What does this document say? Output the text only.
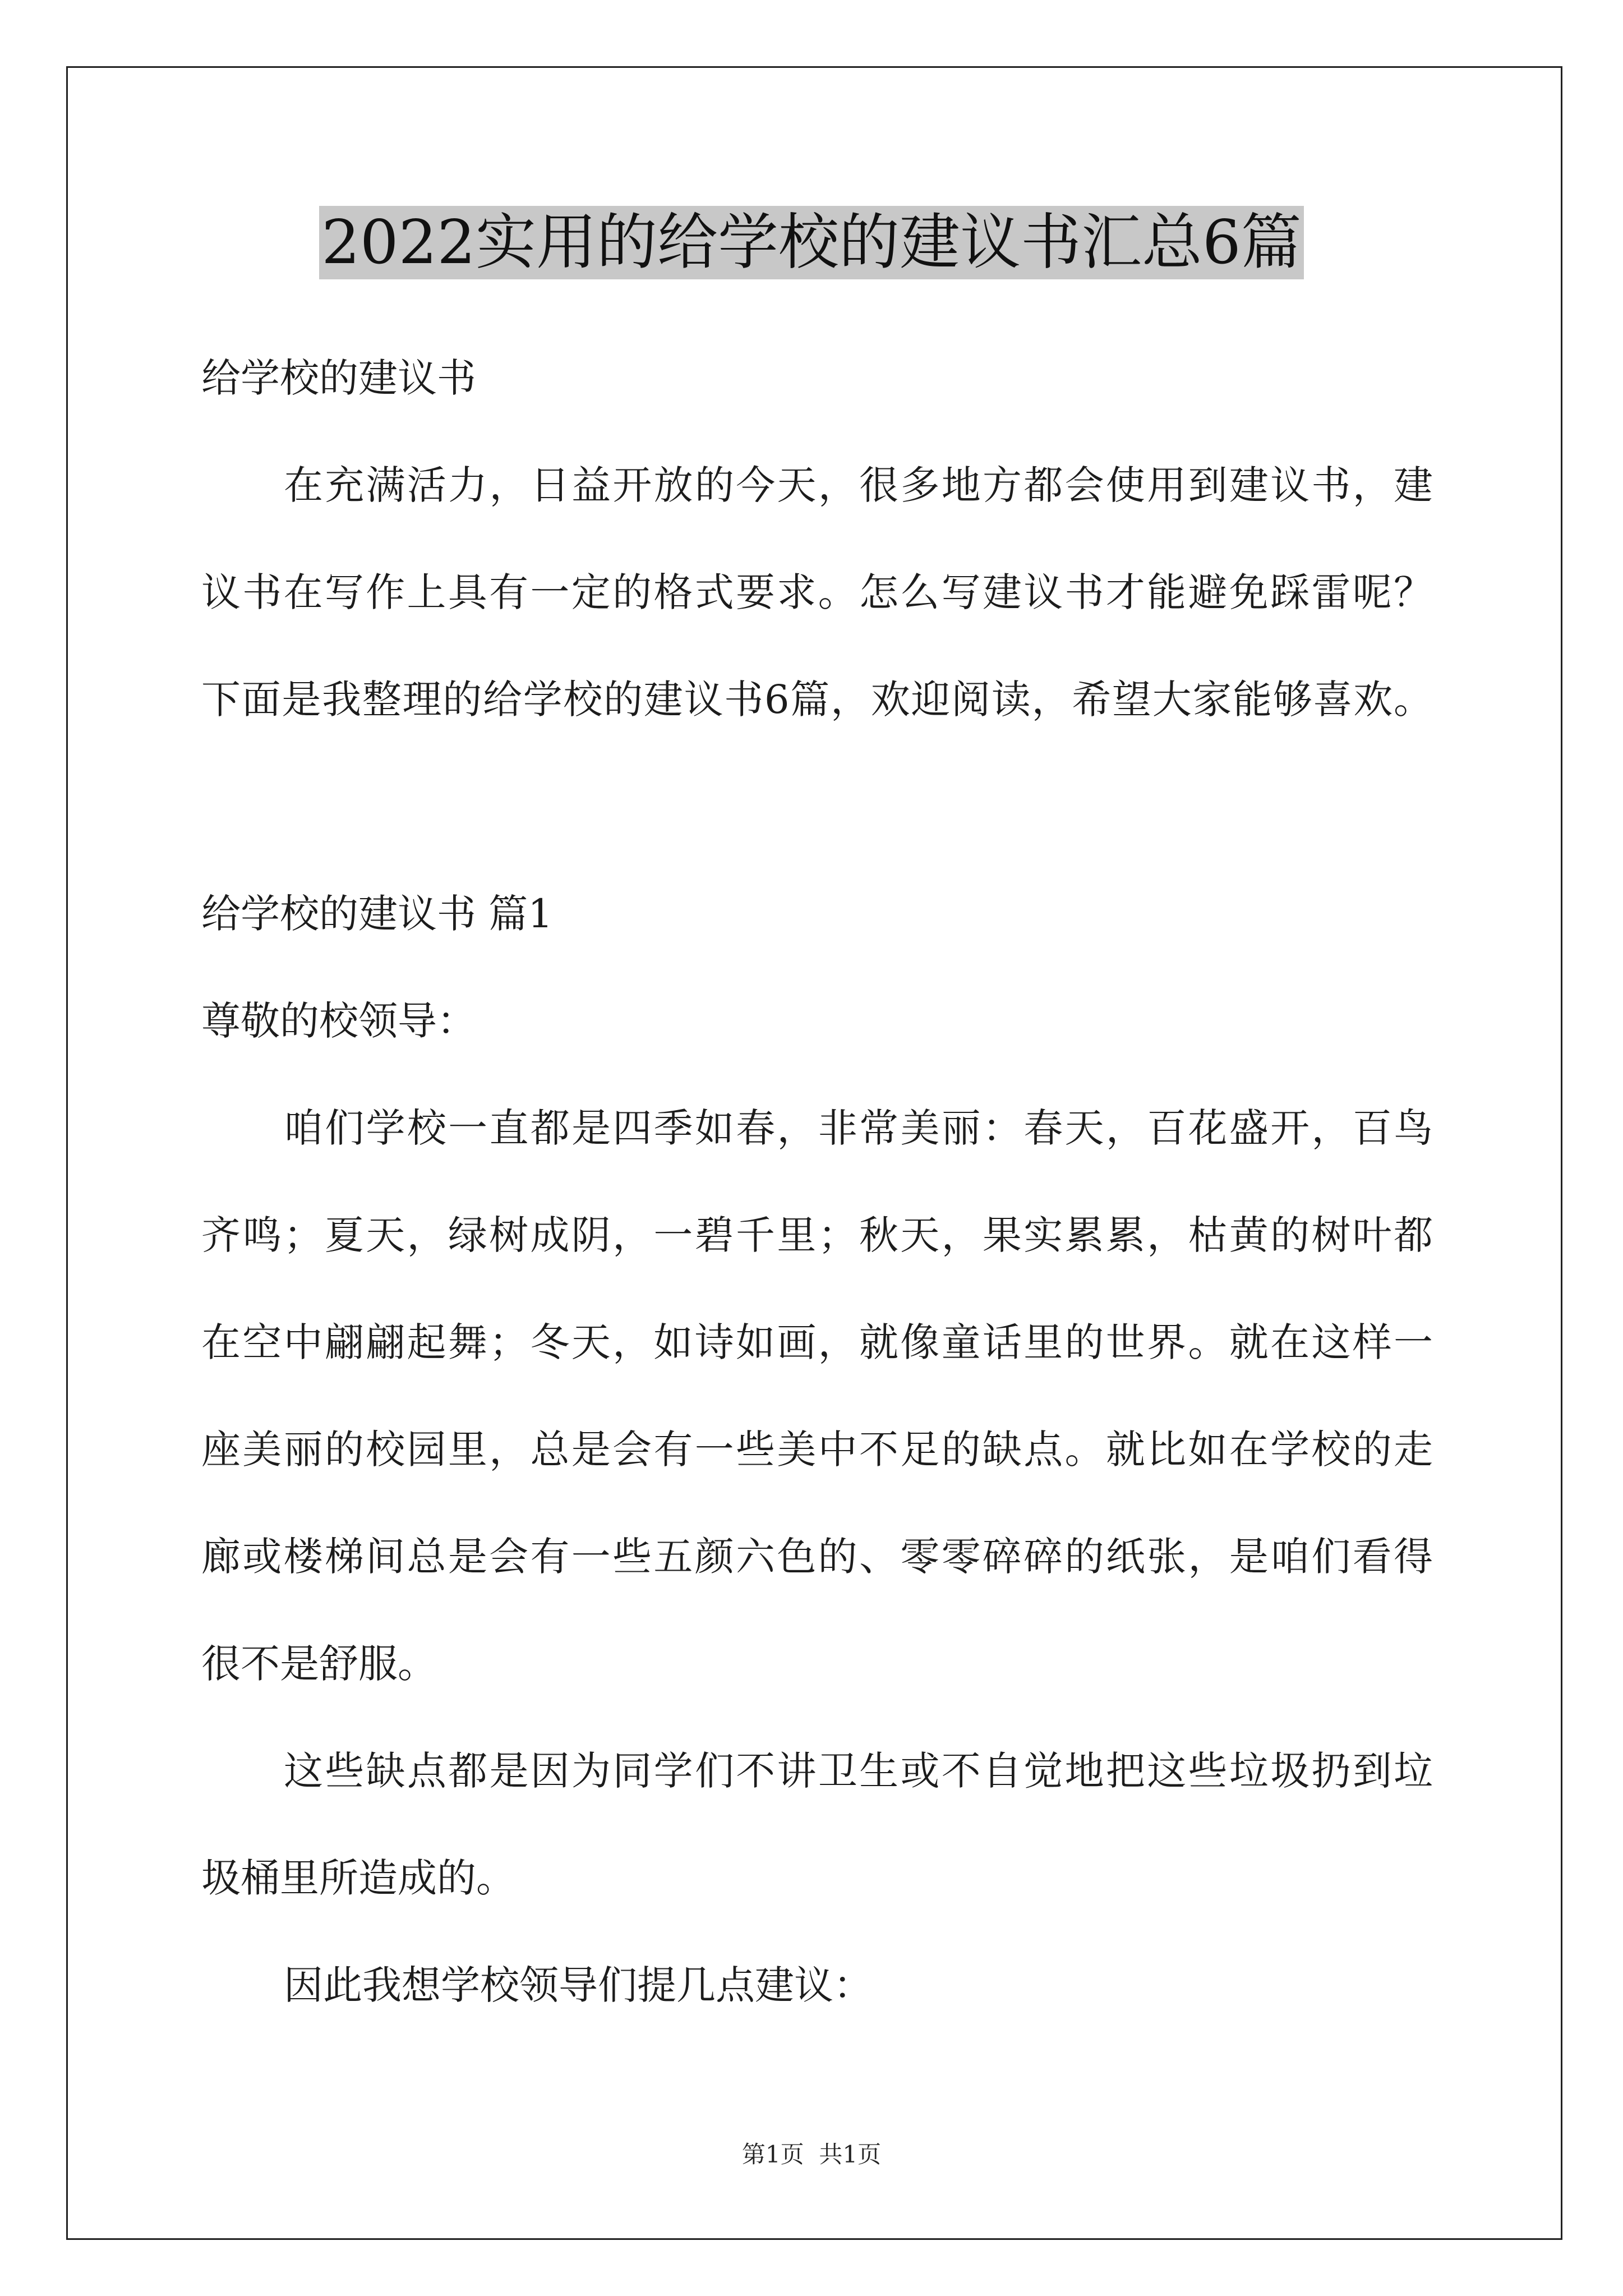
2022实用的给学校的建议书汇总6篇
给学校的建议书
在充满活力，日益开放的今天，很多地方都会使用到建议书，建
议书在写作上具有一定的格式要求。怎么写建议书才能避免踩雷呢？
下面是我整理的给学校的建议书6篇，欢迎阅读，希望大家能够喜欢。
给学校的建议书 篇1
尊敬的校领导：
咱们学校一直都是四季如春，非常美丽：春天，百花盛开，百鸟
齐鸣；夏天，绿树成阴，一碧千里；秋天，果实累累，枯黄的树叶都
在空中翩翩起舞；冬天，如诗如画，就像童话里的世界。就在这样一
座美丽的校园里，总是会有一些美中不足的缺点。就比如在学校的走
廊或楼梯间总是会有一些五颜六色的、零零碎碎的纸张，是咱们看得
很不是舒服。
这些缺点都是因为同学们不讲卫生或不自觉地把这些垃圾扔到垃
圾桶里所造成的。
因此我想学校领导们提几点建议：
第1页  共1页
